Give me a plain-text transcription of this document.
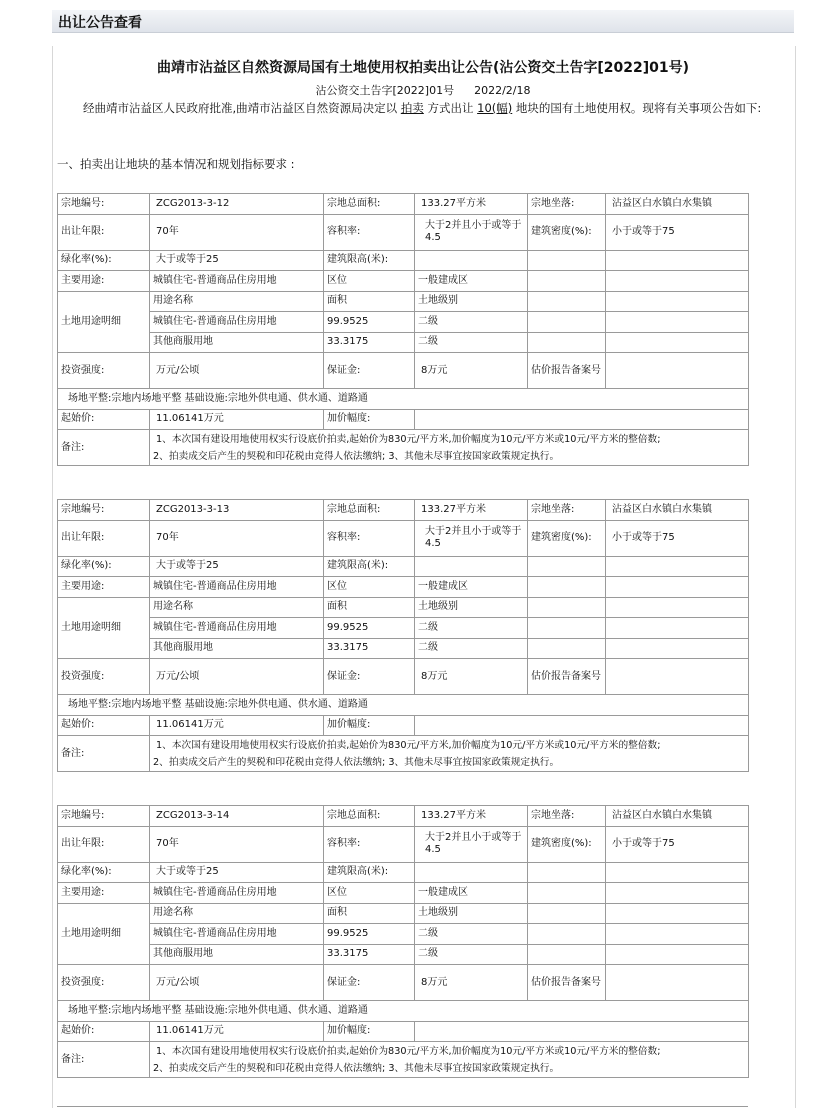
出让公告查看
曲靖市沾益区自然资源局国有土地使用权拍卖出让公告(沾公资交土告字[2022]01号)
沾公资交土告字[2022]01号 2022/2/18
经曲靖市沾益区人民政府批准,曲靖市沾益区自然资源局决定以 拍卖 方式出让 10(幅) 地块的国有土地使用权。现将有关事项公告如下:
一、拍卖出让地块的基本情况和规划指标要求 :
宗地编号:	ZCG2013-3-12	宗地总面积:	133.27平方米	宗地坐落:	沾益区白水镇白水集镇
出让年限:	70年	容积率:	大于2并且小于或等于4.5	建筑密度(%):	小于或等于75
绿化率(%):	大于或等于25	建筑限高(米):			
主要用途:	城镇住宅-普通商品住房用地	区位	一般建成区		
土地用途明细	用途名称	面积	土地级别		
	城镇住宅-普通商品住房用地	99.9525	二级		
	其他商服用地	33.3175	二级		
投资强度:	万元/公顷	保证金:	8万元	估价报告备案号	
场地平整:宗地内场地平整 基础设施:宗地外供电通、供水通、道路通					
起始价:	11.06141万元	加价幅度:			
备注:	1、本次国有建设用地使用权实行设底价拍卖,起始价为830元/平方米,加价幅度为10元/平方米或10元/平方米的整倍数;
2、拍卖成交后产生的契税和印花税由竞得人依法缴纳; 3、其他未尽事宜按国家政策规定执行。				
宗地编号:	ZCG2013-3-13	宗地总面积:	133.27平方米	宗地坐落:	沾益区白水镇白水集镇
出让年限:	70年	容积率:	大于2并且小于或等于4.5	建筑密度(%):	小于或等于75
绿化率(%):	大于或等于25	建筑限高(米):			
主要用途:	城镇住宅-普通商品住房用地	区位	一般建成区		
土地用途明细	用途名称	面积	土地级别		
	城镇住宅-普通商品住房用地	99.9525	二级		
	其他商服用地	33.3175	二级		
投资强度:	万元/公顷	保证金:	8万元	估价报告备案号	
场地平整:宗地内场地平整 基础设施:宗地外供电通、供水通、道路通					
起始价:	11.06141万元	加价幅度:			
备注:	1、本次国有建设用地使用权实行设底价拍卖,起始价为830元/平方米,加价幅度为10元/平方米或10元/平方米的整倍数;
2、拍卖成交后产生的契税和印花税由竞得人依法缴纳; 3、其他未尽事宜按国家政策规定执行。				
宗地编号:	ZCG2013-3-14	宗地总面积:	133.27平方米	宗地坐落:	沾益区白水镇白水集镇
出让年限:	70年	容积率:	大于2并且小于或等于4.5	建筑密度(%):	小于或等于75
绿化率(%):	大于或等于25	建筑限高(米):			
主要用途:	城镇住宅-普通商品住房用地	区位	一般建成区		
土地用途明细	用途名称	面积	土地级别		
	城镇住宅-普通商品住房用地	99.9525	二级		
	其他商服用地	33.3175	二级		
投资强度:	万元/公顷	保证金:	8万元	估价报告备案号	
场地平整:宗地内场地平整 基础设施:宗地外供电通、供水通、道路通					
起始价:	11.06141万元	加价幅度:			
备注:	1、本次国有建设用地使用权实行设底价拍卖,起始价为830元/平方米,加价幅度为10元/平方米或10元/平方米的整倍数;
2、拍卖成交后产生的契税和印花税由竞得人依法缴纳; 3、其他未尽事宜按国家政策规定执行。				
